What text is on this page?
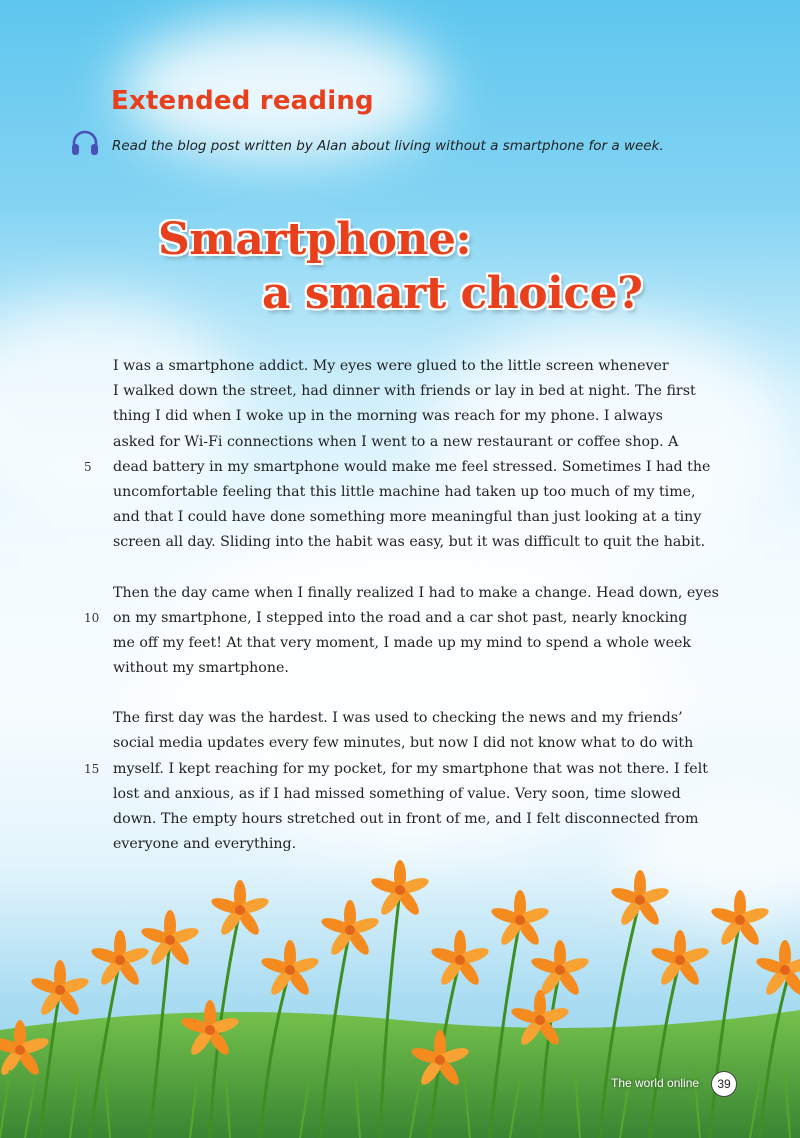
Extended reading

Read the blog post written by Alan about living without a smartphone for a week.

Smartphone:
a smart choice?

I was a smartphone addict. My eyes were glued to the little screen whenever
I walked down the street, had dinner with friends or lay in bed at night. The first
thing I did when I woke up in the morning was reach for my phone. I always
asked for Wi-Fi connections when I went to a new restaurant or coffee shop. A
5 dead battery in my smartphone would make me feel stressed. Sometimes I had the
uncomfortable feeling that this little machine had taken up too much of my time,
and that I could have done something more meaningful than just looking at a tiny
screen all day. Sliding into the habit was easy, but it was difficult to quit the habit.

Then the day came when I finally realized I had to make a change. Head down, eyes
10 on my smartphone, I stepped into the road and a car shot past, nearly knocking
me off my feet! At that very moment, I made up my mind to spend a whole week
without my smartphone.

The first day was the hardest. I was used to checking the news and my friends’
social media updates every few minutes, but now I did not know what to do with
15 myself. I kept reaching for my pocket, for my smartphone that was not there. I felt
lost and anxious, as if I had missed something of value. Very soon, time slowed
down. The empty hours stretched out in front of me, and I felt disconnected from
everyone and everything.

The world online	39
